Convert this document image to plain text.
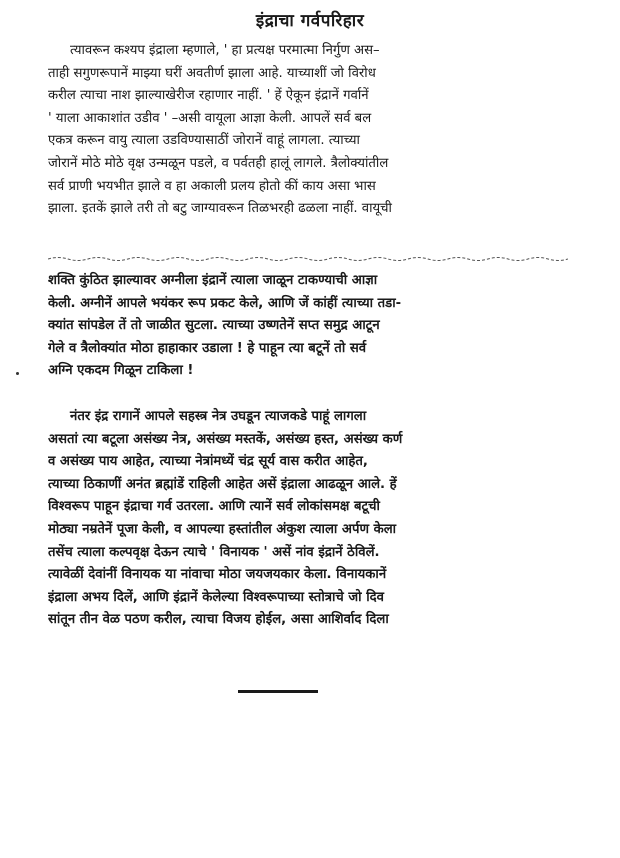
इंद्राचा गर्वपरिहार
त्यावरून कश्यप इंद्राला म्हणाले, ' हा प्रत्यक्ष परमात्मा निर्गुण अस–
ताही सगुणरूपानें माझ्या घरीं अवतीर्ण झाला आहे. याच्याशीं जो विरोध
करील त्याचा नाश झाल्याखेरीज रहाणार नाहीं. ' हें ऐकून इंद्रानें गर्वानें
' याला आकाशांत उडीव ' –असी वायूला आज्ञा केली. आपलें सर्व बल
एकत्र करून वायु त्याला उडविण्यासाठीं जोरानें वाहूं लागला. त्याच्या
जोरानें मोठे मोठे वृक्ष उन्मळून पडले, व पर्वतही हालूं लागले. त्रैलोक्यांतील
सर्व प्राणी भयभीत झाले व हा अकाली प्रलय होतो कीं काय असा भास
झाला. इतकें झाले तरी तो बटु जाग्यावरून तिळभरही ढळला नाहीं. वायूची
शक्ति कुंठित झाल्यावर अग्नीला इंद्रानें त्याला जाळून टाकण्याची आज्ञा
केली. अग्नीनें आपले भयंकर रूप प्रकट केले, आणि जें कांहीं त्याच्या तडा-
क्यांत सांपडेल तें तो जाळीत सुटला. त्याच्या उष्णतेनें सप्त समुद्र आटून
गेले व त्रैलोक्यांत मोठा हाहाकार उडाला ! हे पाहून त्या बटूनें तो सर्व
अग्नि एकदम गिळून टाकिला !
नंतर इंद्र रागानें आपले सहस्त्र नेत्र उघडून त्याजकडे पाहूं लागला
असतां त्या बटूला असंख्य नेत्र, असंख्य मस्तकें, असंख्य हस्त, असंख्य कर्ण
व असंख्य पाय आहेत, त्याच्या नेत्रांमध्यें चंद्र सूर्य वास करीत आहेत,
त्याच्या ठिकाणीं अनंत ब्रह्मांडें राहिली आहेत असें इंद्राला आढळून आले. हें
विश्वरूप पाहून इंद्राचा गर्व उतरला. आणि त्यानें सर्व लोकांसमक्ष बटूची
मोठ्या नम्रतेनें पूजा केली, व आपल्या हस्तांतील अंकुश त्याला अर्पण केला
तसेंच त्याला कल्पवृक्ष देऊन त्याचे ' विनायक ' असें नांव इंद्रानें ठेविलें.
त्यावेळीं देवांनीं विनायक या नांवाचा मोठा जयजयकार केला. विनायकानें
इंद्राला अभय दिलें, आणि इंद्रानें केलेल्या विश्वरूपाच्या स्तोत्राचे जो दिव
सांतून तीन वेळ पठण करील, त्याचा विजय होईल, असा आशिर्वाद दिला
